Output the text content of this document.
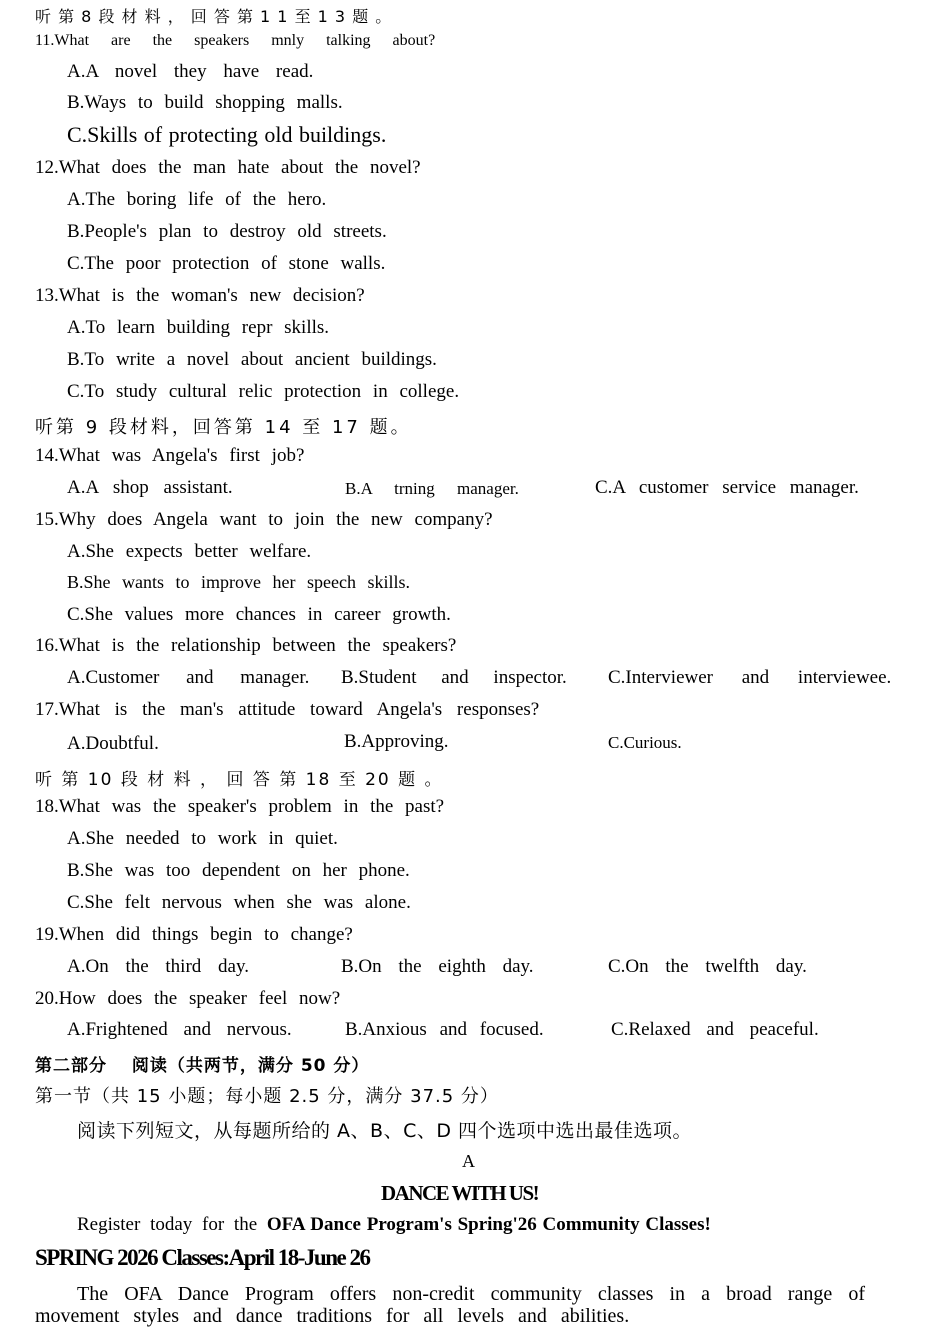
听 第 8 段 材 料 ， 回 答 第 1 1 至 1 3 题 。
11.What are the speakers mnly talking about?
A.A novel they have read.
B.Ways to build shopping malls.
C.Skills of protecting old buildings.
12.What does the man hate about the novel?
A.The boring life of the hero.
B.People's plan to destroy old streets.
C.The poor protection of stone walls.
13.What is the woman's new decision?
A.To learn building repr skills.
B.To write a novel about ancient buildings.
C.To study cultural relic protection in college.
听第 9 段材料，回答第 14 至 17 题。
14.What was Angela's first job?
A.A shop assistant.	B.A trning manager.	C.A customer service manager.
15.Why does Angela want to join the new company?
A.She expects better welfare.
B.She wants to improve her speech skills.
C.She values more chances in career growth.
16.What is the relationship between the speakers?
A.Customer and manager. B.Student and inspector. C.Interviewer and interviewee.
17.What is the man's attitude toward Angela's responses?
A.Doubtful.	B.Approving.	C.Curious.
听 第 10 段 材 料 ， 回 答 第 18 至 20 题 。
18.What was the speaker's problem in the past?
A.She needed to work in quiet.
B.She was too dependent on her phone.
C.She felt nervous when she was alone.
19.When did things begin to change?
A.On the third day.	B.On the eighth day.	C.On the twelfth day.
20.How does the speaker feel now?
A.Frightened and nervous.	B.Anxious and focused.	C.Relaxed and peaceful.
第二部分　 阅读（共两节，满分 50 分）
第一节（共 15 小题；每小题 2.5 分，满分 37.5 分）
阅读下列短文，从每题所给的 A、B、C、D 四个选项中选出最佳选项。
A
DANCE WITH US!
Register today for the OFA Dance Program's Spring'26 Community Classes!
SPRING 2026 Classes:April 18-June 26
The OFA Dance Program offers non-credit community classes in a broad range of movement styles and dance traditions for all levels and abilities.
